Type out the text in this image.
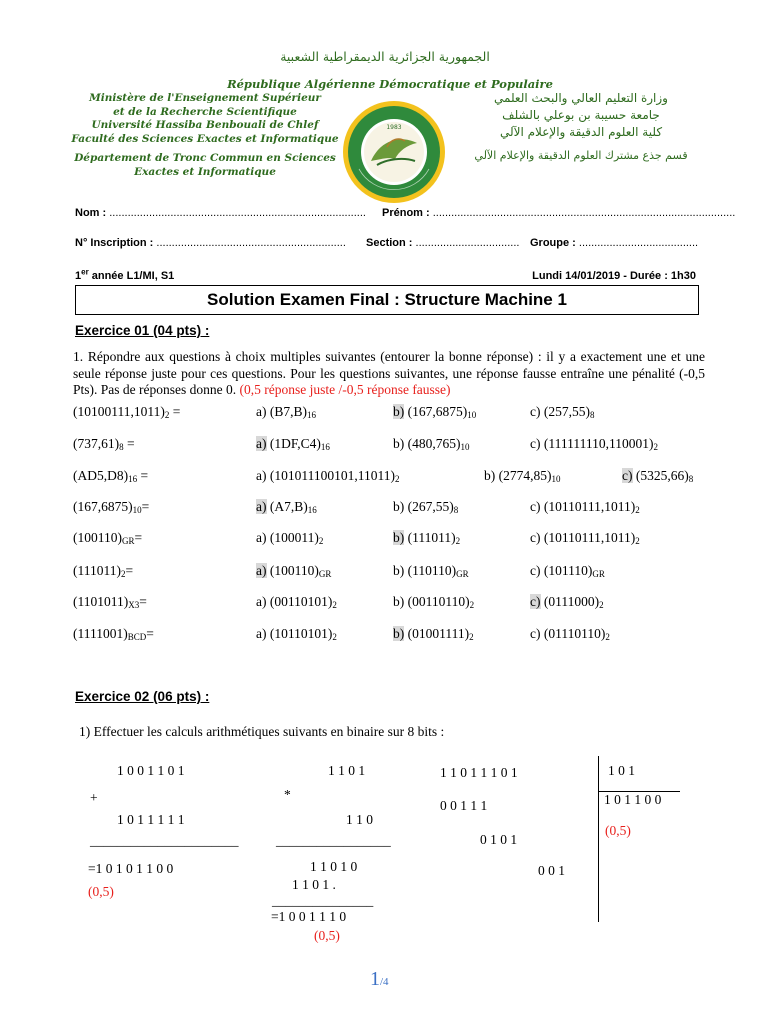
الجمهورية الجزائرية الديمقراطية الشعبية
République Algérienne Démocratique et Populaire
Ministère de l'Enseignement Supérieur
et de la Recherche Scientifique
Université Hassiba Benbouali de Chlef
Faculté des Sciences Exactes et Informatique
Département de Tronc Commun en Sciences
Exactes et Informatique
1983
وزارة التعليم العالي والبحث العلمي
جامعة حسيبة بن بوعلي بالشلف
كلية العلوم الدقيقة والإعلام الآلي
قسم جذع مشترك العلوم الدقيقة والإعلام الآلي
Nom : .................................................................................... Prénom : ...................................................................................................
N° Inscription : .............................................................. Section : .................................. Groupe : .......................................
1er année L1/MI, S1	Lundi 14/01/2019 - Durée : 1h30
Solution Examen Final : Structure Machine 1
Exercice 01 (04 pts) :
1. Répondre aux questions à choix multiples suivantes (entourer la bonne réponse) : il y a exactement une et une seule réponse juste pour ces questions. Pour les questions suivantes, une réponse fausse entraîne une pénalité (-0,5 Pts). Pas de réponses donne 0. (0,5 réponse juste /-0,5 réponse fausse)
$(10100111,1011)_2$ =	a) $(B7,B)_{16}$	b) $(167,6875)_{10}$	c) $(257,55)_8$
$(737,61)_8$ =	a) $(1DF,C4)_{16}$	b) $(480,765)_{10}$	c) $(111111110,110001)_2$
$(AD5,D8)_{16}$ =	a) $(101011100101,11011)_2$	b) $(2774,85)_{10}$	c) $(5325,66)_8$
$(167,6875)_{10}=$	a) $(A7,B)_{16}$	b) $(267,55)_8$	c) $(10110111,1011)_2$
$(100110)_{GR}=$	a) $(100011)_2$	b) $(111011)_2$	c) $(10110111,1011)_2$
$(111011)_2=$	a) $(100110)_{GR}$	b) $(110110)_{GR}$	c) $(101110)_{GR}$
$(1101011)_{X3}=$	a) $(00110101)_2$	b) $(00110110)_2$	c) $(0111000)_2$
$(1111001)_{BCD}=$	a) $(10110101)_2$	b) $(01001111)_2$	c) $(01110110)_2$
Exercice 02 (06 pts) :
1) Effectuer les calculs arithmétiques suivants en binaire sur 8 bits :
1 0 0 1 1 0 1
+
1 0 1 1 1 1 1
______________________
=1 0 1 0 1 1 0 0
(0,5)
1 1 0 1
*
1 1 0
_________________
1 1 0 1 0
1 1 0 1 .
_______________
=1 0 0 1 1 1 0
(0,5)
1 1 0 1 1 1 0 1
0 0 1 1 1
0 1 0 1
0 0 1
1 0 1
1 0 1 1 0 0
(0,5)
1/4
